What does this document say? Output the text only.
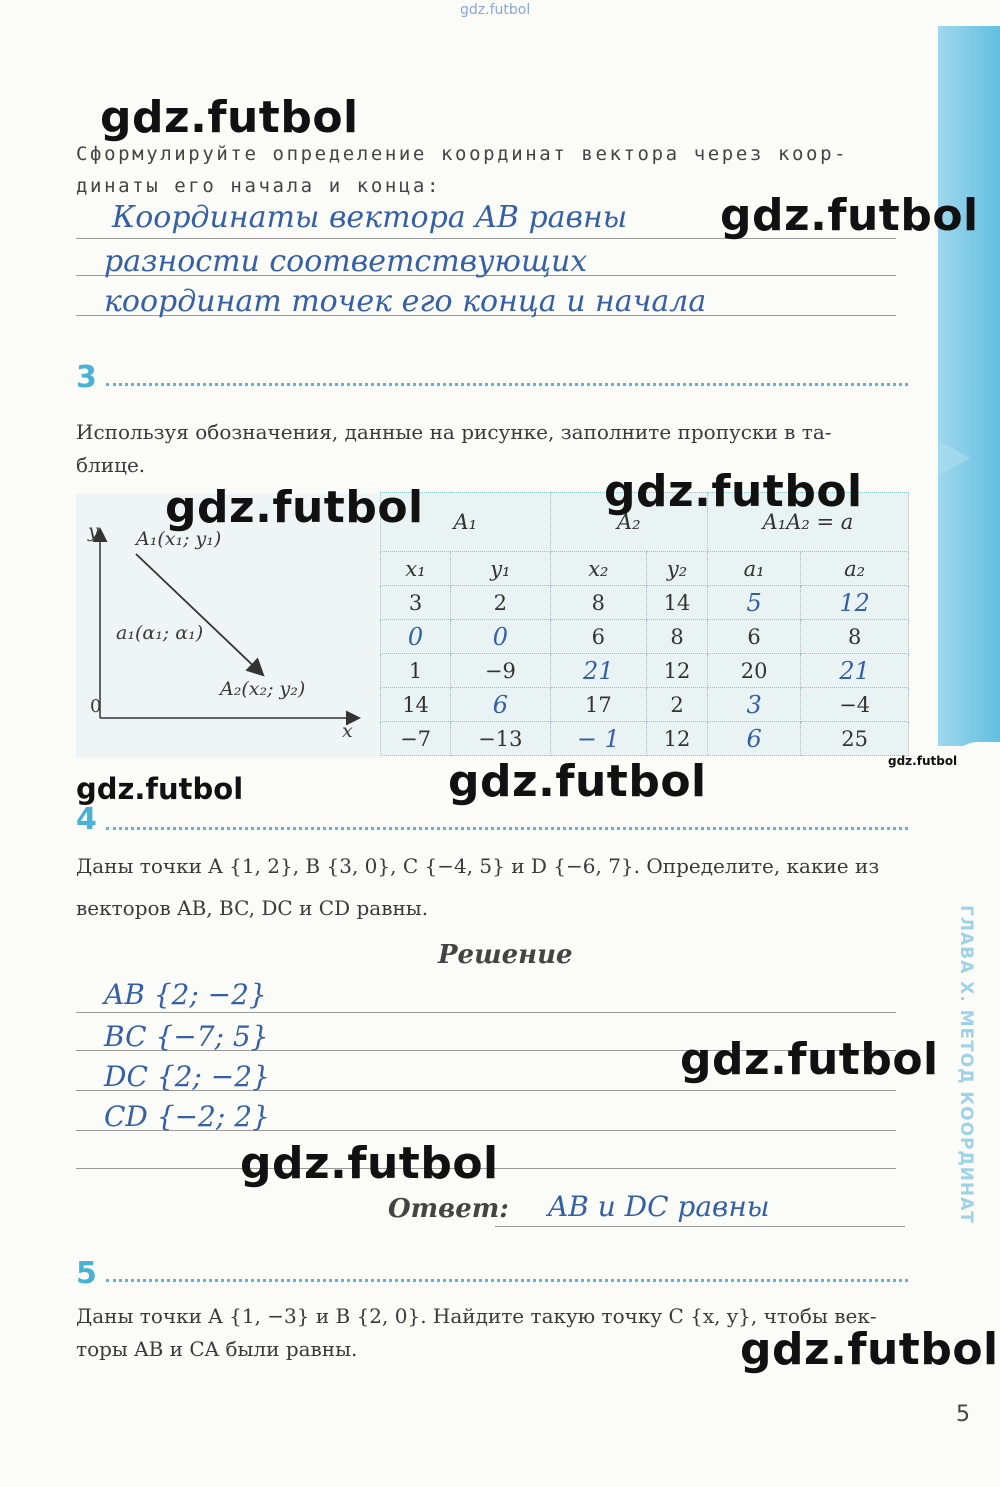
ГЛАВА X. МЕТОД КООРДИНАТ
gdz.futbol
gdz.futbol
Сформулируйте определение координат вектора через коор-
динаты его начала и конца:
Координаты вектора AB равны
разности соответствующих
координат точек его конца и начала
gdz.futbol
3
Используя обозначения, данные на рисунке, заполните пропуски в та-
блице.
y
x
0
A₁(x₁; y₁)
a₁(α₁; α₁)
A₂(x₂; y₂)
A₁		A₂		A₁A₂ = a	
x₁	y₁	x₂	y₂	a₁	a₂
3	2	8	14	5	12
0	0	6	8	6	8
1	−9	21	12	20	21
14	6	17	2	3	−4
−7	−13	− 1	12	6	25
gdz.futbol	gdz.futbol
gdz.futbol
gdz.futbol	gdz.futbol
4
Даны точки A {1, 2}, B {3, 0}, C {−4, 5} и D {−6, 7}. Определите, какие из
векторов AB, BC, DC и CD равны.
Решение
AB {2; −2}
BC {−7; 5}
DC {2; −2}
CD {−2; 2}
gdz.futbol
gdz.futbol
Ответ: AB и DC равны
5
Даны точки A {1, −3} и B {2, 0}. Найдите такую точку C {x, y}, чтобы век-
торы AB и CA были равны.	gdz.futbol
5
